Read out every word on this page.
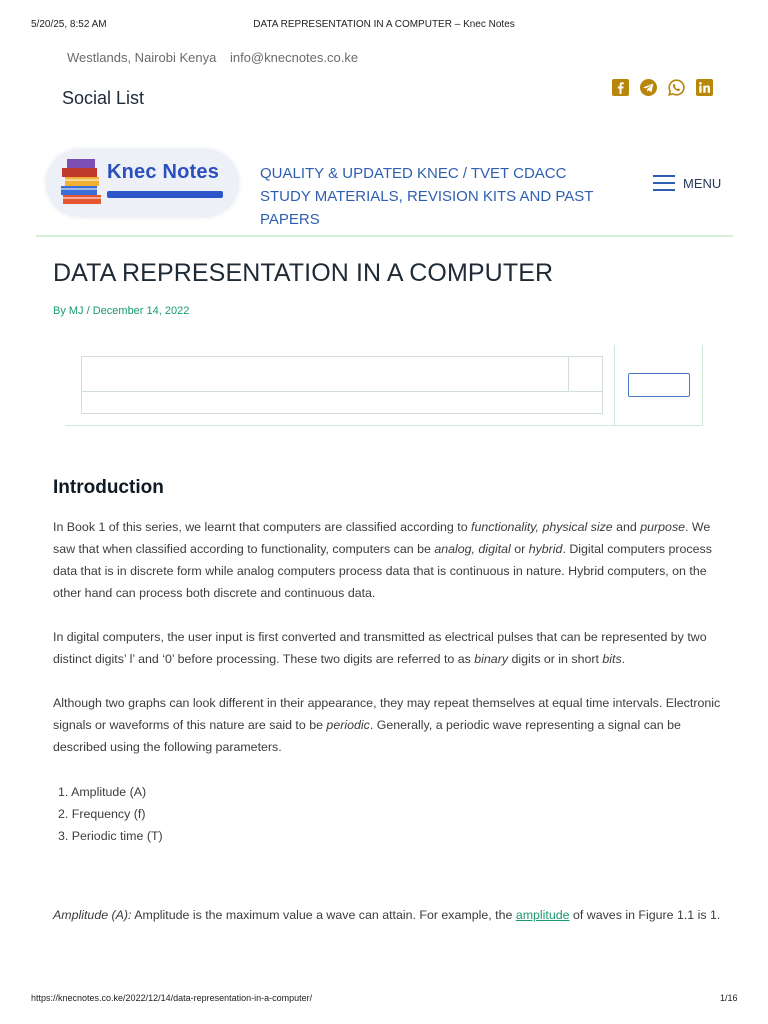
5/20/25, 8:52 AM	DATA REPRESENTATION IN A COMPUTER – Knec Notes
Westlands, Nairobi Kenya info@knecnotes.co.ke
Social List
Knec Notes	QUALITY & UPDATED KNEC / TVET CDACC STUDY MATERIALS, REVISION KITS AND PAST PAPERS
MENU
DATA REPRESENTATION IN A COMPUTER
By MJ / December 14, 2022
Introduction

In Book 1 of this series, we learnt that computers are classified according to functionality, physical size and purpose. We saw that when classified according to functionality, computers can be analog, digital or hybrid. Digital computers process data that is in discrete form while analog computers process data that is continuous in nature. Hybrid computers, on the other hand can process both discrete and continuous data.

In digital computers, the user input is first converted and transmitted as electrical pulses that can be represented by two distinct digits’ l’ and ‘0’ before processing. These two digits are referred to as binary digits or in short bits.

Although two graphs can look different in their appearance, they may repeat themselves at equal time intervals. Electronic signals or waveforms of this nature are said to be periodic. Generally, a periodic wave representing a signal can be described using the following parameters.

1. Amplitude (A)
2. Frequency (f)
3. Periodic time (T)

Amplitude (A): Amplitude is the maximum value a wave can attain. For example, the amplitude of waves in Figure 1.1 is 1.

https://knecnotes.co.ke/2022/12/14/data-representation-in-a-computer/	1/16
